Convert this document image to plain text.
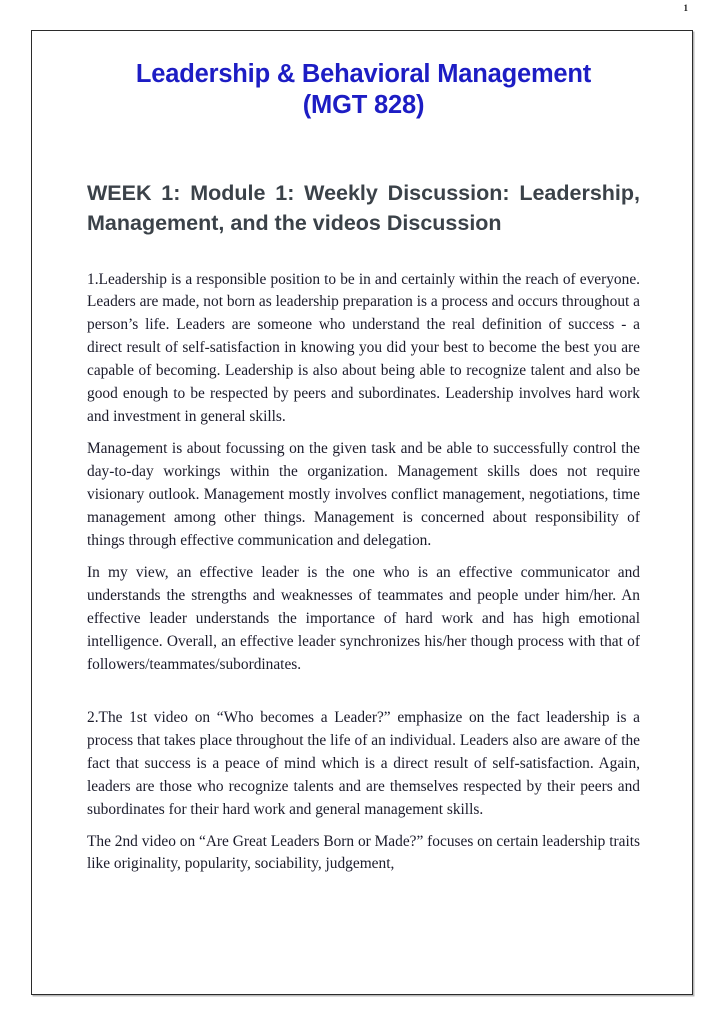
1
Leadership & Behavioral Management
(MGT 828)
WEEK 1: Module 1: Weekly Discussion: Leadership, Management, and the videos Discussion

1.Leadership is a responsible position to be in and certainly within the reach of everyone. Leaders are made, not born as leadership preparation is a process and occurs throughout a person’s life. Leaders are someone who understand the real definition of success - a direct result of self-satisfaction in knowing you did your best to become the best you are capable of becoming. Leadership is also about being able to recognize talent and also be good enough to be respected by peers and subordinates. Leadership involves hard work and investment in general skills.

Management is about focussing on the given task and be able to successfully control the day-to-day workings within the organization. Management skills does not require visionary outlook. Management mostly involves conflict management, negotiations, time management among other things. Management is concerned about responsibility of things through effective communication and delegation.

In my view, an effective leader is the one who is an effective communicator and understands the strengths and weaknesses of teammates and people under him/her. An effective leader understands the importance of hard work and has high emotional intelligence. Overall, an effective leader synchronizes his/her though process with that of followers/teammates/subordinates.

2.The 1st video on “Who becomes a Leader?” emphasize on the fact leadership is a process that takes place throughout the life of an individual. Leaders also are aware of the fact that success is a peace of mind which is a direct result of self-satisfaction. Again, leaders are those who recognize talents and are themselves respected by their peers and subordinates for their hard work and general management skills.

The 2nd video on “Are Great Leaders Born or Made?” focuses on certain leadership traits like originality, popularity, sociability, judgement,
